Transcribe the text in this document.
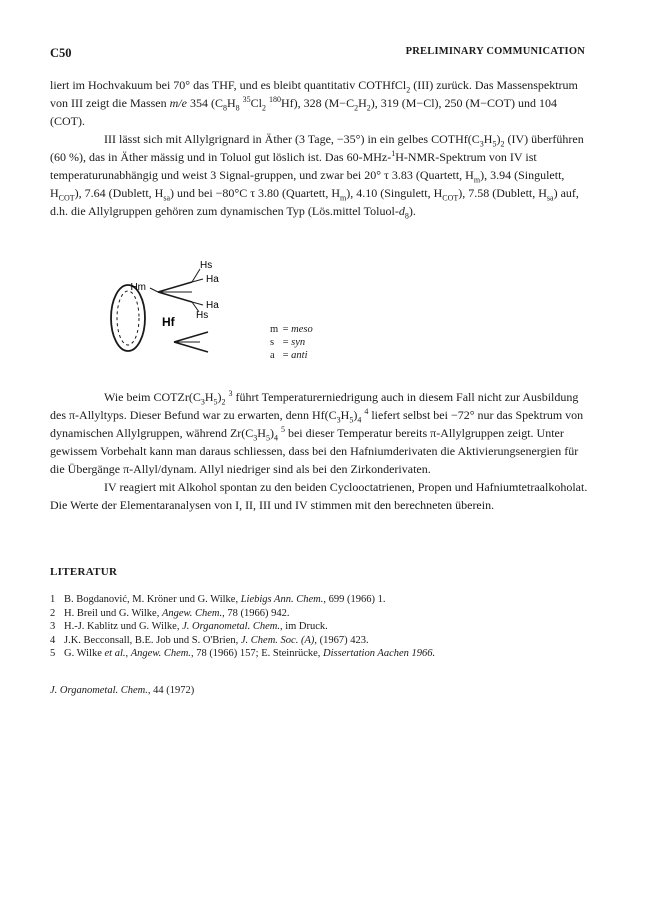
C50	PRELIMINARY COMMUNICATION

liert im Hochvakuum bei 70° das THF, und es bleibt quantitativ COTHfCl$_2$ (III) zurück. Das Massenspektrum von III zeigt die Massen m/e 354 ($C_8H_8$ $^{35}Cl_2$ $^{180}$Hf), 328 $(M-C_2H_2)$, 319 (M−Cl), 250 (M−COT) und 104 (COT).

III lässt sich mit Allylgrignard in Äther (3 Tage, −35°) in ein gelbes $COTHf(C_3H_5)_2$ (IV) überführen (60 %), das in Äther mässig und in Toluol gut löslich ist. Das 60-MHz-$^1$H-NMR-Spektrum von IV ist temperaturunabhängig und weist 3 Signal-gruppen, und zwar bei 20° τ 3.83 (Quartett, $H_m$), 3.94 (Singulett, $H_{COT}$), 7.64 (Dublett, $H_{sa}$) und bei −80°C τ 3.80 (Quartett, $H_m$), 4.10 (Singulett, $H_{COT}$), 7.58 (Dublett, $H_{sa}$) auf, d.h. die Allylgruppen gehören zum dynamischen Typ (Lös.mittel Toluol-$d_8$).

Hs
Ha
Hm
Ha
Hs
Hf
m = meso
s = syn
a = anti

Wie beim $COTZr(C_3H_5)_2$ $^3$ führt Temperaturerniedrigung auch in diesem Fall nicht zur Ausbildung des π-Allyltyps. Dieser Befund war zu erwarten, denn $Hf(C_3H_5)_4$ $^4$ liefert selbst bei −72° nur das Spektrum von dynamischen Allylgruppen, während $Zr(C_3H_5)_4$ $^5$ bei dieser Temperatur bereits π-Allylgruppen zeigt. Unter gewissem Vorbehalt kann man daraus schliessen, dass bei den Hafniumderivaten die Aktivierungsenergien für die Übergänge π-Allyl/dynam. Allyl niedriger sind als bei den Zirkonderivaten.

IV reagiert mit Alkohol spontan zu den beiden Cyclooctatrienen, Propen und Hafniumtetraalkoholat. Die Werte der Elementaranalysen von I, II, III und IV stimmen mit den berechneten überein.

LITERATUR
1 B. Bogdanović, M. Kröner und G. Wilke, Liebigs Ann. Chem., 699 (1966) 1.
2 H. Breil und G. Wilke, Angew. Chem., 78 (1966) 942.
3 H.-J. Kablitz und G. Wilke, J. Organometal. Chem., im Druck.
4 J.K. Becconsall, B.E. Job und S. O'Brien, J. Chem. Soc. (A), (1967) 423.
5 G. Wilke et al., Angew. Chem., 78 (1966) 157; E. Steinrücke, Dissertation Aachen 1966.
J. Organometal. Chem., 44 (1972)
